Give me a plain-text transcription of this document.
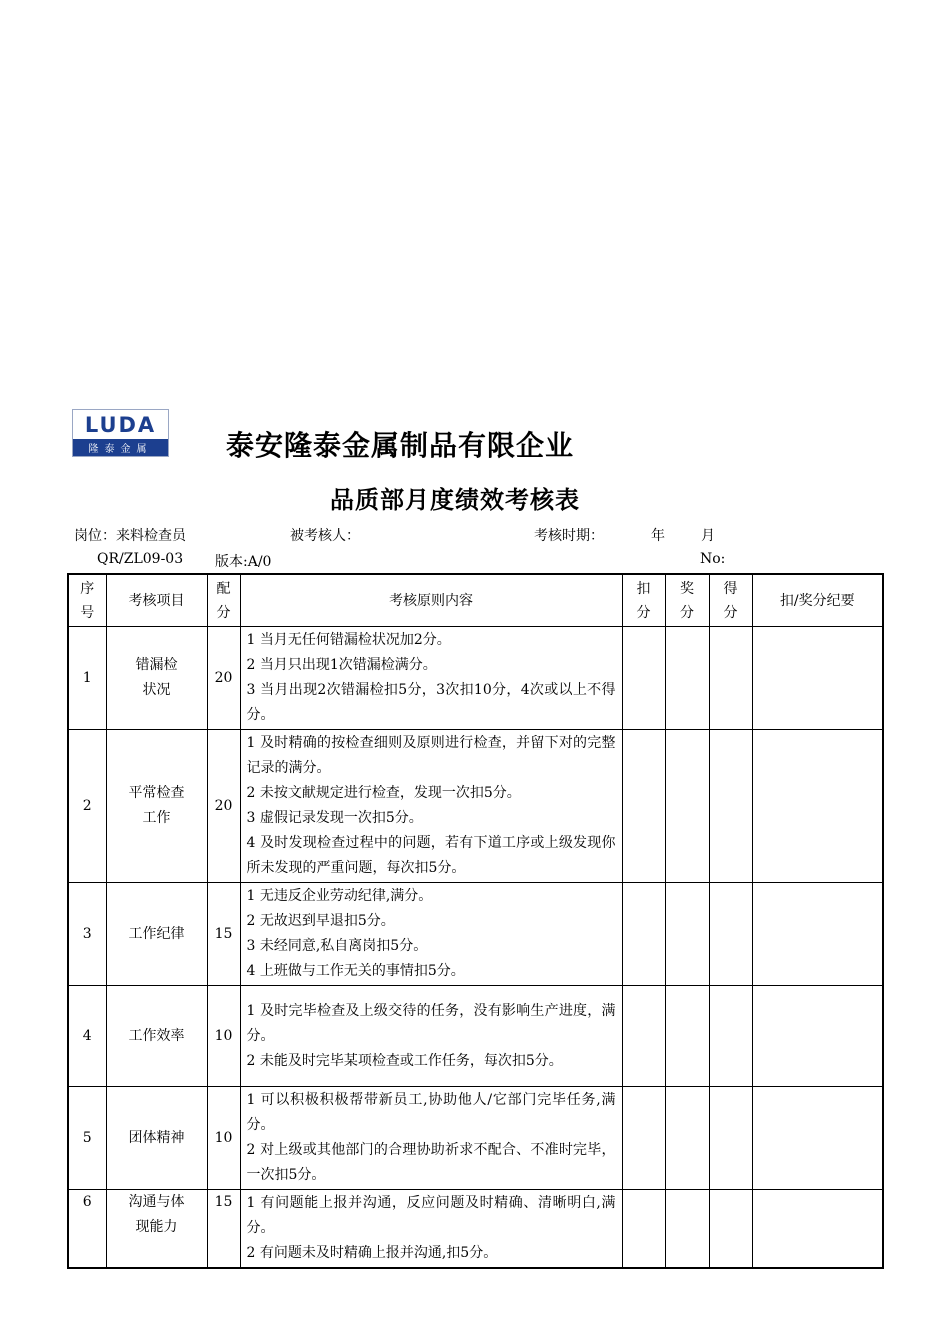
LUDA
隆泰金属	泰安隆泰金属制品有限企业
品质部月度绩效考核表
岗位：来料检查员	被考核人：	考核时期：	年	月
QR/ZL09-03 版本:A/0	No:
序号	考核项目	配分	考核原则内容	扣分	奖分	得分	扣/奖分纪要
1	错漏检状况	20	1 当月无任何错漏检状况加2分。
2 当月只出现1次错漏检满分。
3 当月出现2次错漏检扣5分，3次扣10分，4次或以上不得分。				

2	平常检查工作	20	1 及时精确的按检查细则及原则进行检查，并留下对的完整记录的满分。
2 未按文献规定进行检查，发现一次扣5分。
3 虚假记录发现一次扣5分。
4 及时发现检查过程中的问题，若有下道工序或上级发现你所未发现的严重问题，每次扣5分。				

3	工作纪律	15	1 无违反企业劳动纪律,满分。
2 无故迟到早退扣5分。
3 未经同意,私自离岗扣5分。
4 上班做与工作无关的事情扣5分。				

4	工作效率	10	1 及时完毕检查及上级交待的任务，没有影响生产进度，满分。
2 未能及时完毕某项检查或工作任务，每次扣5分。				

5	团体精神	10	1 可以积极积极帮带新员工,协助他人/它部门完毕任务,满分。
2 对上级或其他部门的合理协助祈求不配合、不准时完毕，一次扣5分。				

6	沟通与体现能力	15	1 有问题能上报并沟通，反应问题及时精确、清晰明白,满分。
2 有问题未及时精确上报并沟通,扣5分。				
